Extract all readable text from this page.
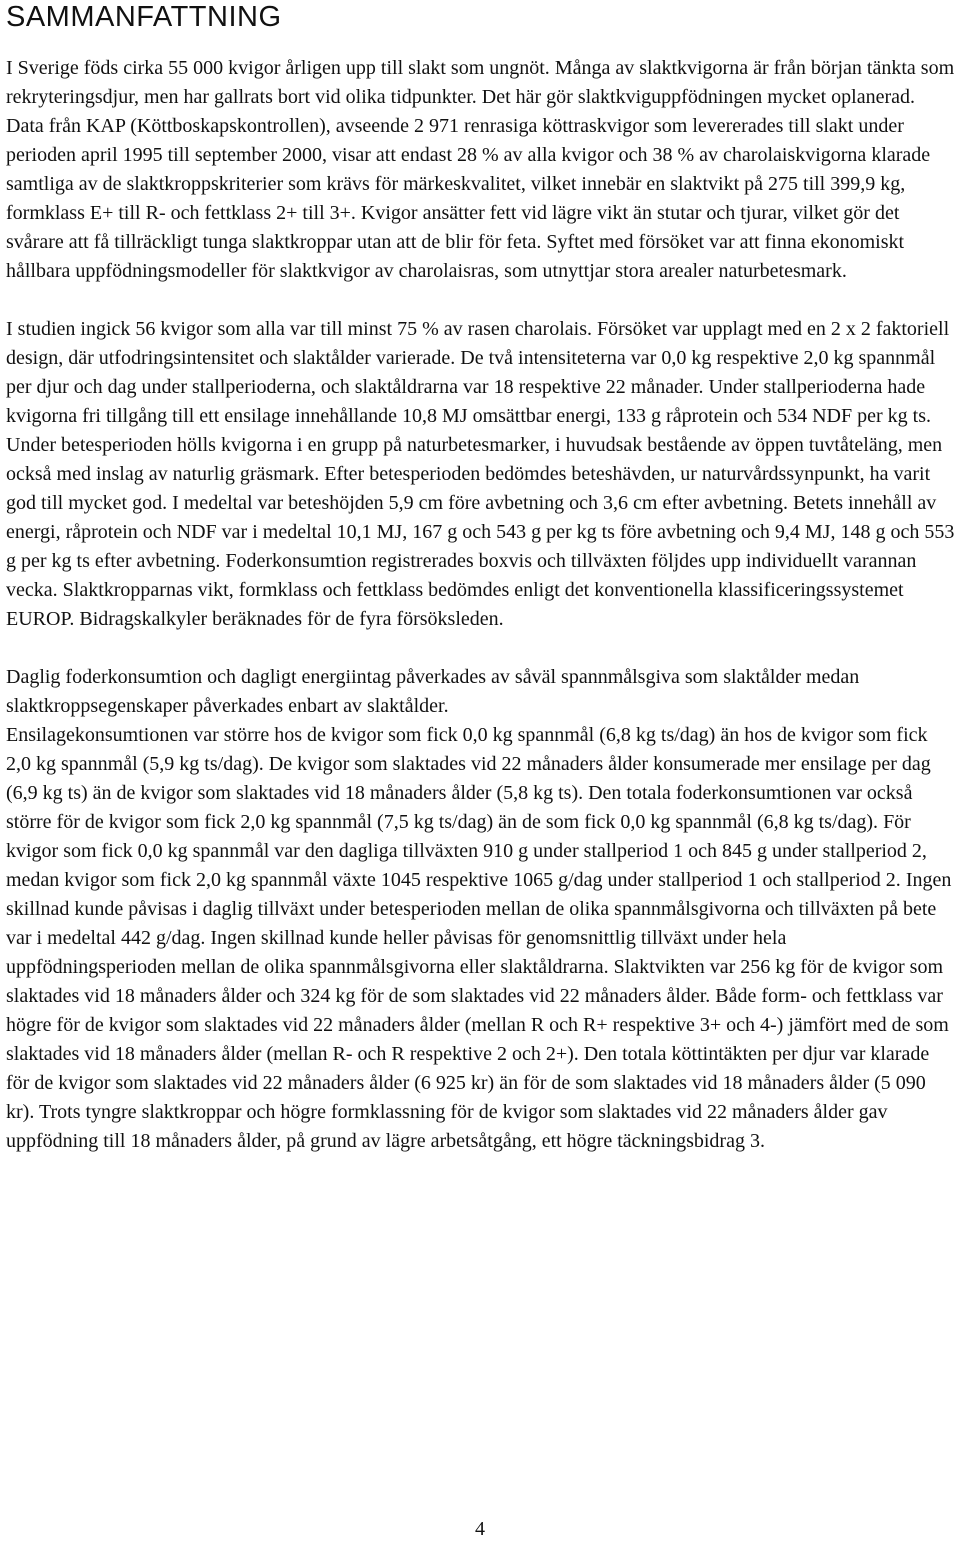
SAMMANFATTNING

I Sverige föds cirka 55 000 kvigor årligen upp till slakt som ungnöt. Många av slaktkvigorna är från början tänkta som rekryteringsdjur, men har gallrats bort vid olika tidpunkter. Det här gör slaktkviguppfödningen mycket oplanerad. Data från KAP (Köttboskapskontrollen), avseende 2 971 renrasiga köttraskvigor som levererades till slakt under perioden april 1995 till september 2000, visar att endast 28 % av alla kvigor och 38 % av charolaiskvigorna klarade samtliga av de slaktkroppskriterier som krävs för märkeskvalitet, vilket innebär en slaktvikt på 275 till 399,9 kg, formklass E+ till R- och fettklass 2+ till 3+. Kvigor ansätter fett vid lägre vikt än stutar och tjurar, vilket gör det svårare att få tillräckligt tunga slaktkroppar utan att de blir för feta. Syftet med försöket var att finna ekonomiskt hållbara uppfödningsmodeller för slaktkvigor av charolaisras, som utnyttjar stora arealer naturbetesmark.

I studien ingick 56 kvigor som alla var till minst 75 % av rasen charolais. Försöket var upplagt med en 2 x 2 faktoriell design, där utfodringsintensitet och slaktålder varierade. De två intensiteterna var 0,0 kg respektive 2,0 kg spannmål per djur och dag under stallperioderna, och slaktåldrarna var 18 respektive 22 månader. Under stallperioderna hade kvigorna fri tillgång till ett ensilage innehållande 10,8 MJ omsättbar energi, 133 g råprotein och 534 NDF per kg ts. Under betesperioden hölls kvigorna i en grupp på naturbetesmarker, i huvudsak bestående av öppen tuvtåteläng, men också med inslag av naturlig gräsmark. Efter betesperioden bedömdes beteshävden, ur naturvårdssynpunkt, ha varit god till mycket god. I medeltal var beteshöjden 5,9 cm före avbetning och 3,6 cm efter avbetning. Betets innehåll av energi, råprotein och NDF var i medeltal 10,1 MJ, 167 g och 543 g per kg ts före avbetning och 9,4 MJ, 148 g och 553 g per kg ts efter avbetning. Foderkonsumtion registrerades boxvis och tillväxten följdes upp individuellt varannan vecka. Slaktkropparnas vikt, formklass och fettklass bedömdes enligt det konventionella klassificeringssystemet EUROP. Bidragskalkyler beräknades för de fyra försöksleden.

Daglig foderkonsumtion och dagligt energiintag påverkades av såväl spannmålsgiva som slaktålder medan slaktkroppsegenskaper påverkades enbart av slaktålder.

Ensilagekonsumtionen var större hos de kvigor som fick 0,0 kg spannmål (6,8 kg ts/dag) än hos de kvigor som fick 2,0 kg spannmål (5,9 kg ts/dag). De kvigor som slaktades vid 22 månaders ålder konsumerade mer ensilage per dag (6,9 kg ts) än de kvigor som slaktades vid 18 månaders ålder (5,8 kg ts). Den totala foderkonsumtionen var också större för de kvigor som fick 2,0 kg spannmål (7,5 kg ts/dag) än de som fick 0,0 kg spannmål (6,8 kg ts/dag). För kvigor som fick 0,0 kg spannmål var den dagliga tillväxten 910 g under stallperiod 1 och 845 g under stallperiod 2, medan kvigor som fick 2,0 kg spannmål växte 1045 respektive 1065 g/dag under stallperiod 1 och stallperiod 2. Ingen skillnad kunde påvisas i daglig tillväxt under betesperioden mellan de olika spannmålsgivorna och tillväxten på bete var i medeltal 442 g/dag. Ingen skillnad kunde heller påvisas för genomsnittlig tillväxt under hela uppfödningsperioden mellan de olika spannmålsgivorna eller slaktåldrarna. Slaktvikten var 256 kg för de kvigor som slaktades vid 18 månaders ålder och 324 kg för de som slaktades vid 22 månaders ålder. Både form- och fettklass var högre för de kvigor som slaktades vid 22 månaders ålder (mellan R och R+ respektive 3+ och 4-) jämfört med de som slaktades vid 18 månaders ålder (mellan R- och R respektive 2 och 2+). Den totala köttintäkten per djur var klarade för de kvigor som slaktades vid 22 månaders ålder (6 925 kr) än för de som slaktades vid 18 månaders ålder (5 090 kr). Trots tyngre slaktkroppar och högre formklassning för de kvigor som slaktades vid 22 månaders ålder gav uppfödning till 18 månaders ålder, på grund av lägre arbetsåtgång, ett högre täckningsbidrag 3.

4
